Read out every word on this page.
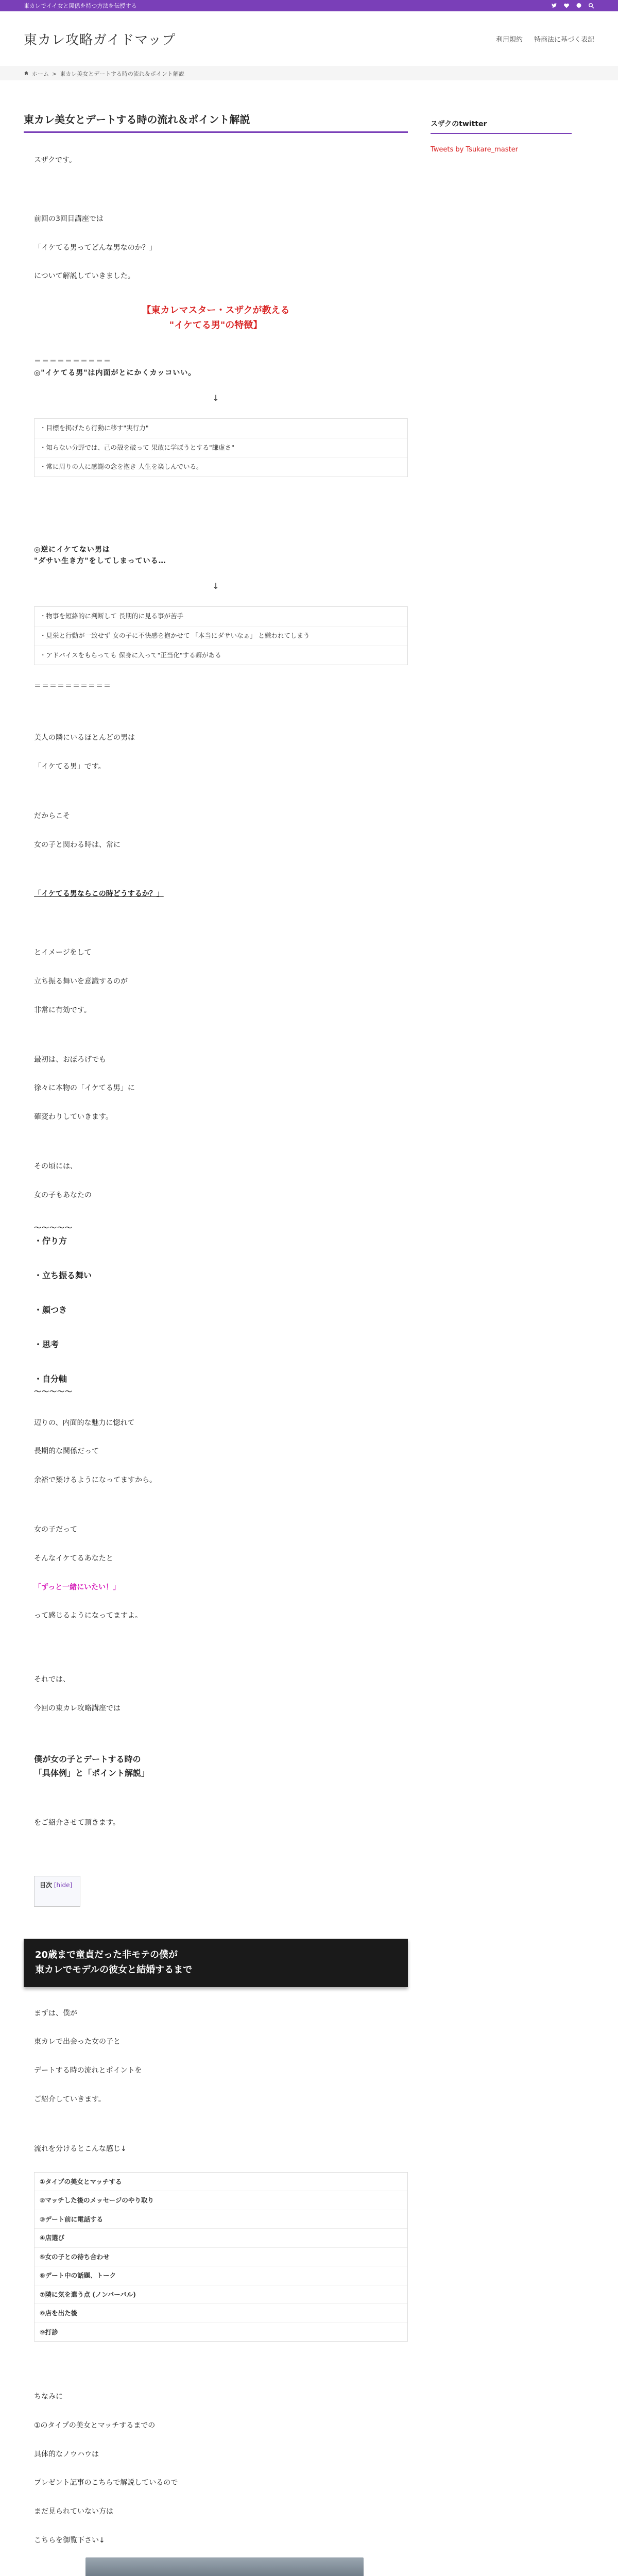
東カレでイイ女と関係を持つ方法を伝授する
東カレ攻略ガイドマップ	利用規約 特商法に基づく表記
ホーム > 東カレ美女とデートする時の流れ＆ポイント解説
東カレ美女とデートする時の流れ＆ポイント解説

スザクです。

前回の3回目講座では

「イケてる男ってどんな男なのか？」

について解説していきました。

【東カレマスター・スザクが教える
"イケてる男"の特徴】
＝＝＝＝＝＝＝＝＝＝
◎"イケてる男"は内面がとにかくカッコいい。
↓
・目標を掲げたら行動に移す"実行力"
・知らない分野では、己の殻を破って 果敢に学ぼうとする"謙虚さ"
・常に周りの人に感謝の念を抱き 人生を楽しんでいる。
◎逆にイケてない男は
"ダサい生き方"をしてしまっている…
↓
・物事を短絡的に判断して 長期的に見る事が苦手
・見栄と行動が一致せず 女の子に不快感を抱かせて 「本当にダサいなぁ」 と嫌われてしまう
・アドバイスをもらっても 保身に入って"正当化"する癖がある
＝＝＝＝＝＝＝＝＝＝

美人の隣にいるほとんどの男は

「イケてる男」です。

だからこそ

女の子と関わる時は、常に

「イケてる男ならこの時どうするか？」

とイメージをして

立ち振る舞いを意識するのが

非常に有効です。

最初は、おぼろげでも

徐々に本物の「イケてる男」に

確変わりしていきます。

その頃には、

女の子もあなたの

〜〜〜〜〜

・佇り方

・立ち振る舞い

・顔つき

・思考

・自分軸

〜〜〜〜〜

辺りの、内面的な魅力に惚れて

長期的な関係だって

余裕で築けるようになってますから。

女の子だって

そんなイケてるあなたと

「ずっと一緒にいたい！」

って感じるようになってますよ。

それでは、

今回の東カレ攻略講座では

僕が女の子とデートする時の
「具体例」と「ポイント解説」

をご紹介させて頂きます。

目次 [hide]
20歳まで童貞だった非モテの僕が
東カレでモデルの彼女と結婚するまで

まずは、僕が

東カレで出会った女の子と

デートする時の流れとポイントを

ご紹介していきます。

流れを分けるとこんな感じ↓

①タイプの美女とマッチする
②マッチした後のメッセージのやり取り
③デート前に電話する
④店選び
⑤女の子との待ち合わせ
⑥デート中の話題、トーク
⑦隣に気を遣う点 (ノンバーバル)
⑧店を出た後
⑨打診

ちなみに

①のタイプの美女とマッチするまでの

具体的なノウハウは

プレゼント記事のこちらで解説しているので

まだ見られていない方は

こちらを御覧下さい↓

スザクのtwitter
Tweets by Tsukare_master
